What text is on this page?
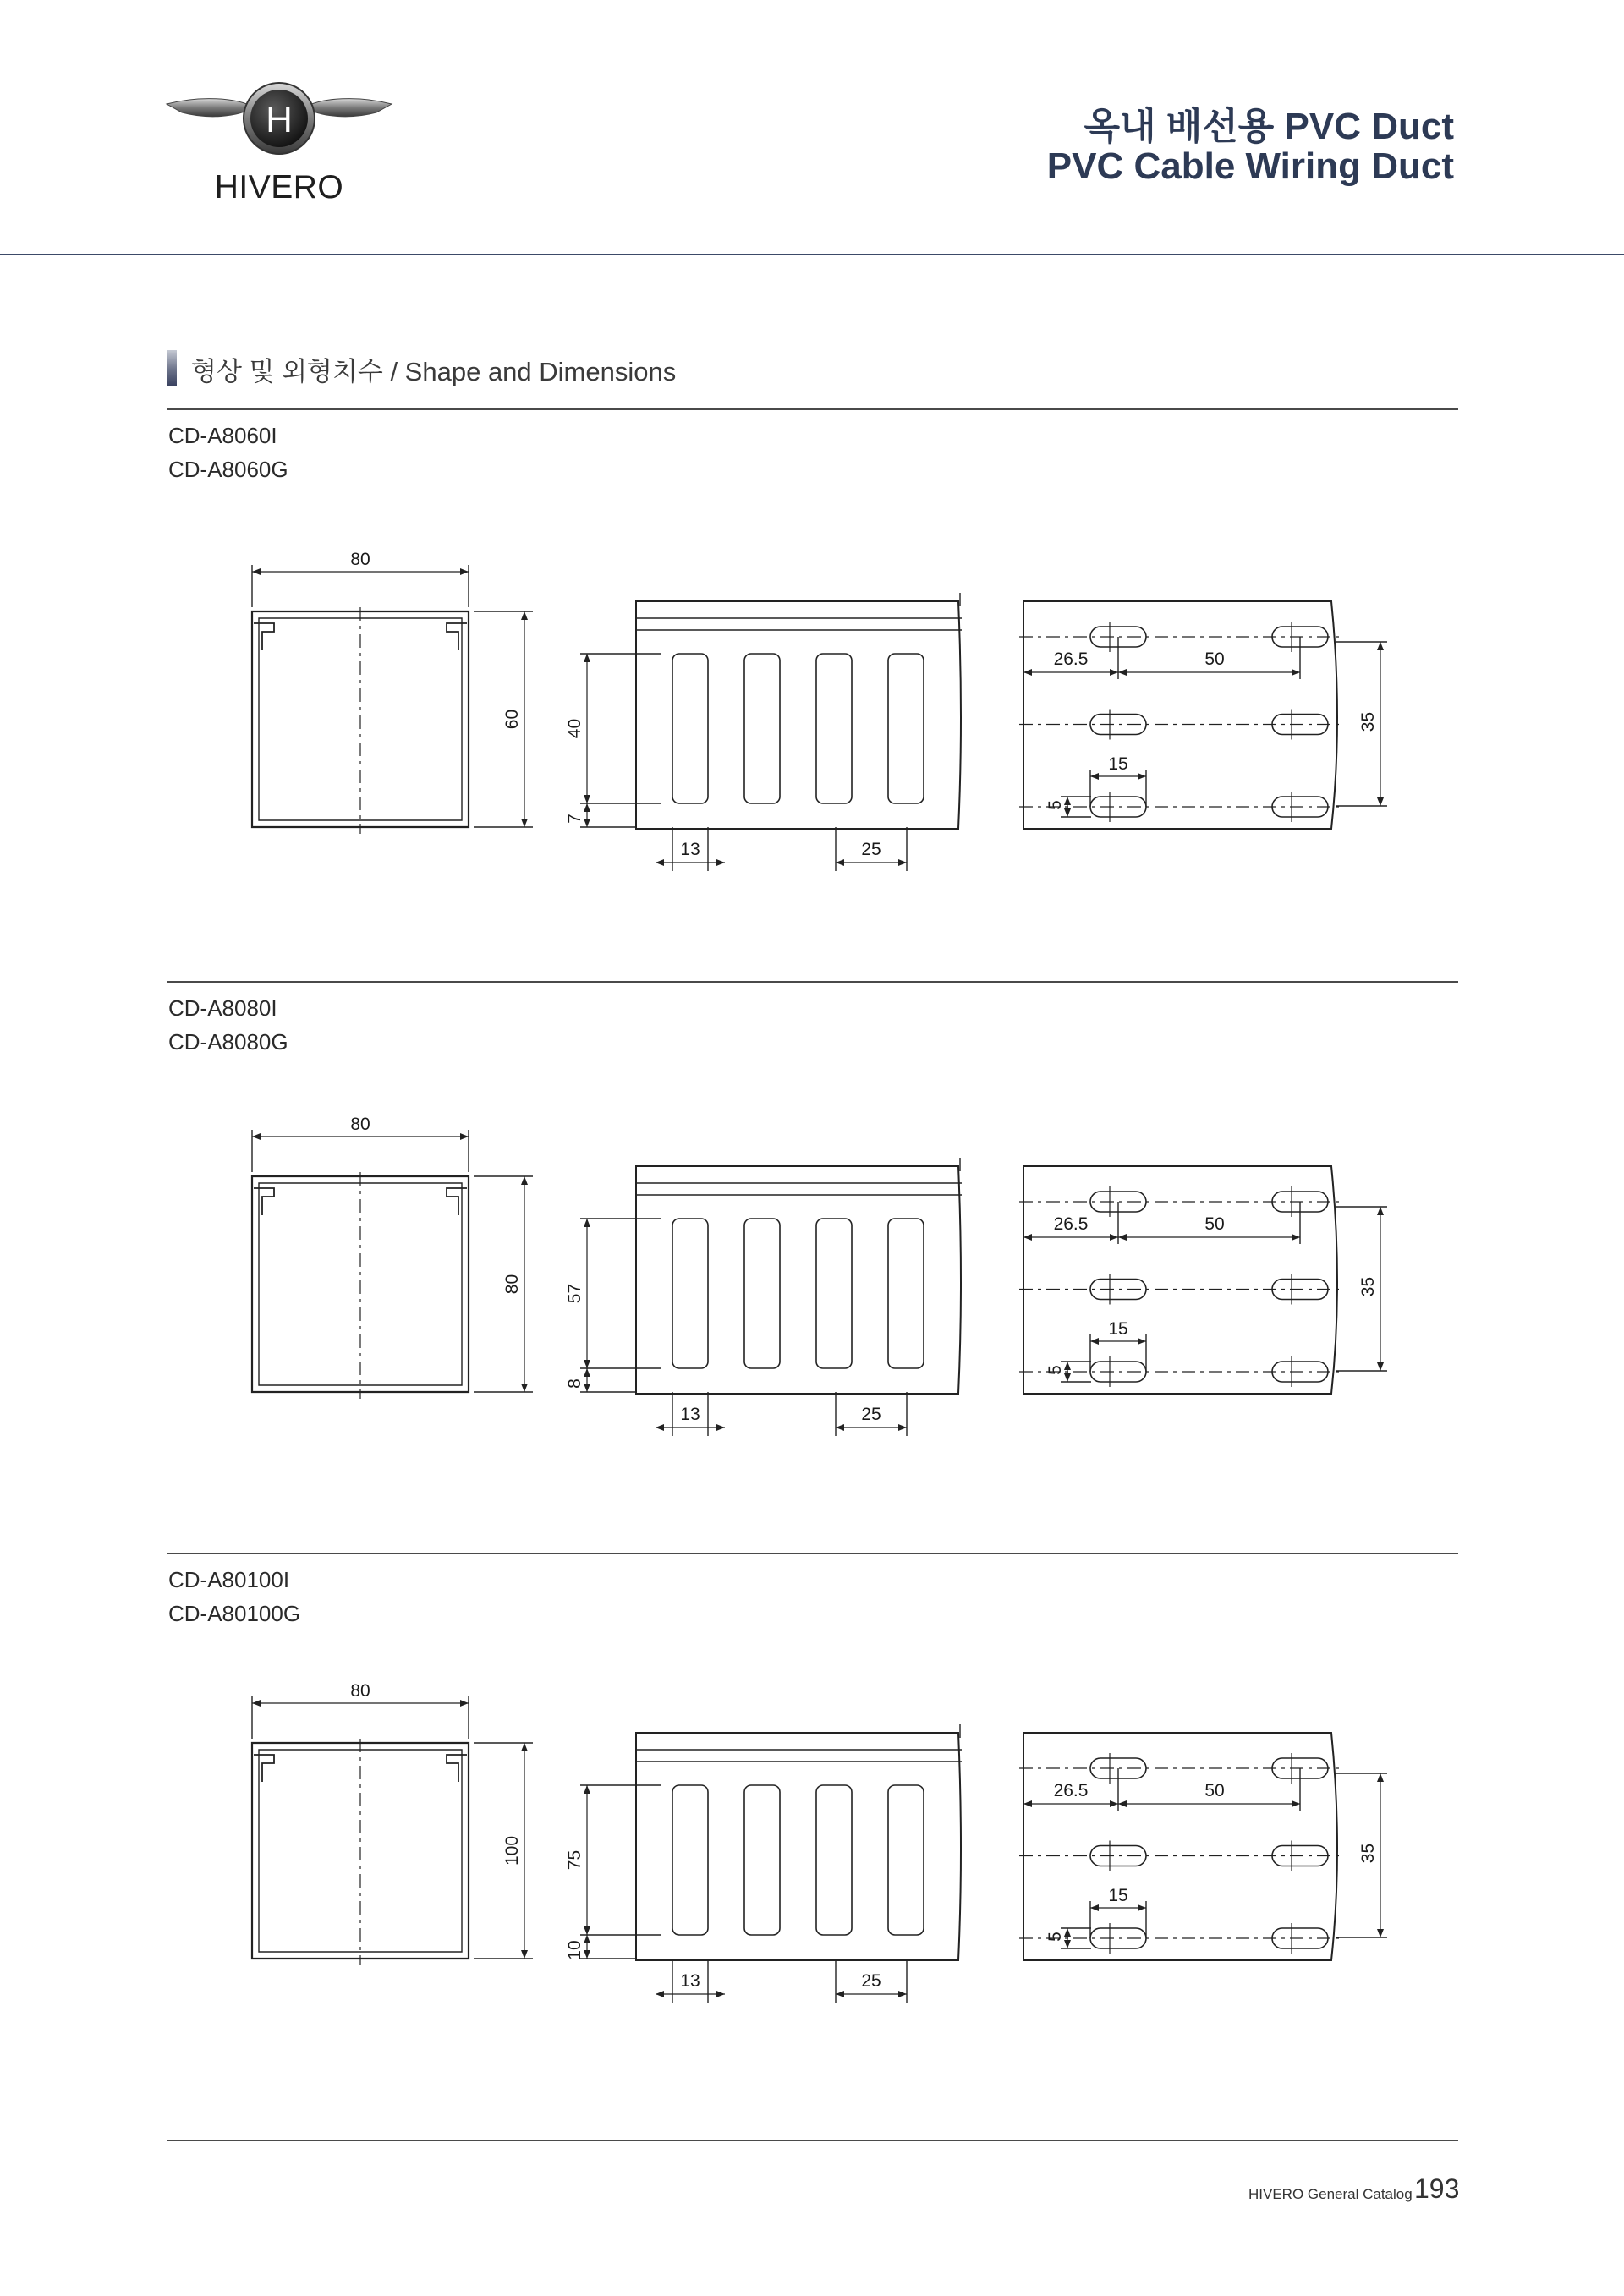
H
HIVERO
옥내 배선용 PVC Duct
PVC Cable Wiring Duct
형상 및 외형치수 / Shape and Dimensions
CD-A8060I
CD-A8060G
80
60 40
7
13	25
26.5	50
35
15
5
CD-A8080I
CD-A8080G
80
80 57
8
13	25
26.5	50
35
15
5
CD-A80100I
CD-A80100G
80
100 75
10
13	25
26.5	50
35
15
5
HIVERO General Catalog 193
